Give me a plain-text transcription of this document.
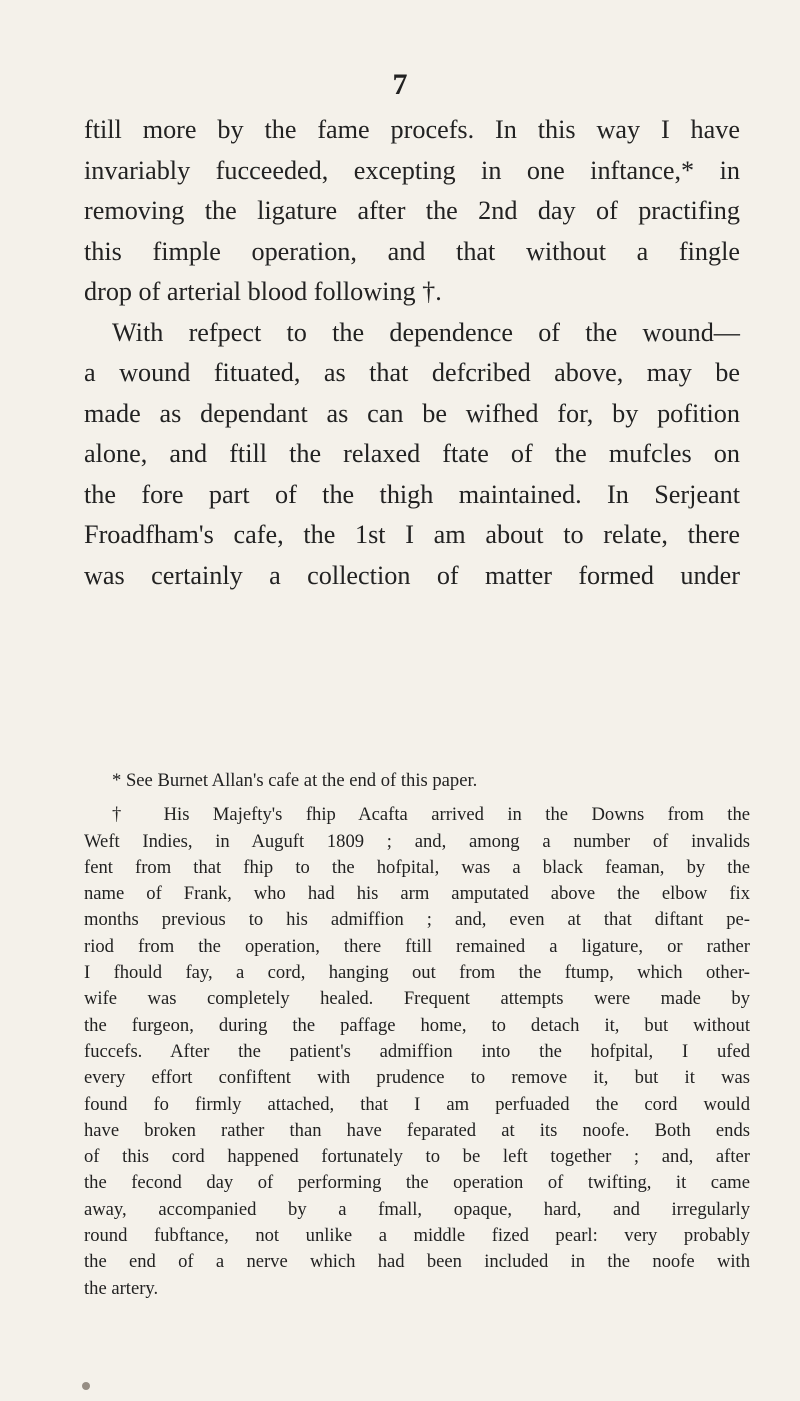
7
ftill more by the fame procefs. In this way I have
invariably fucceeded, excepting in one inftance,* in
removing the ligature after the 2nd day of practifing
this fimple operation, and that without a fingle
drop of arterial blood following †.
With refpect to the dependence of the wound—
a wound fituated, as that defcribed above, may be
made as dependant as can be wifhed for, by pofition
alone, and ftill the relaxed ftate of the mufcles on
the fore part of the thigh maintained. In Serjeant
Froadfham's cafe, the 1st I am about to relate, there
was certainly a collection of matter formed under
* See Burnet Allan's cafe at the end of this paper.
† His Majefty's fhip Acafta arrived in the Downs from the
Weft Indies, in Auguft 1809 ; and, among a number of invalids
fent from that fhip to the hofpital, was a black feaman, by the
name of Frank, who had his arm amputated above the elbow fix
months previous to his admiffion ; and, even at that diftant pe-
riod from the operation, there ftill remained a ligature, or rather
I fhould fay, a cord, hanging out from the ftump, which other-
wife was completely healed. Frequent attempts were made by
the furgeon, during the paffage home, to detach it, but without
fuccefs. After the patient's admiffion into the hofpital, I ufed
every effort confiftent with prudence to remove it, but it was
found fo firmly attached, that I am perfuaded the cord would
have broken rather than have feparated at its noofe. Both ends
of this cord happened fortunately to be left together ; and, after
the fecond day of performing the operation of twifting, it came
away, accompanied by a fmall, opaque, hard, and irregularly
round fubftance, not unlike a middle fized pearl: very probably
the end of a nerve which had been included in the noofe with
the artery.
